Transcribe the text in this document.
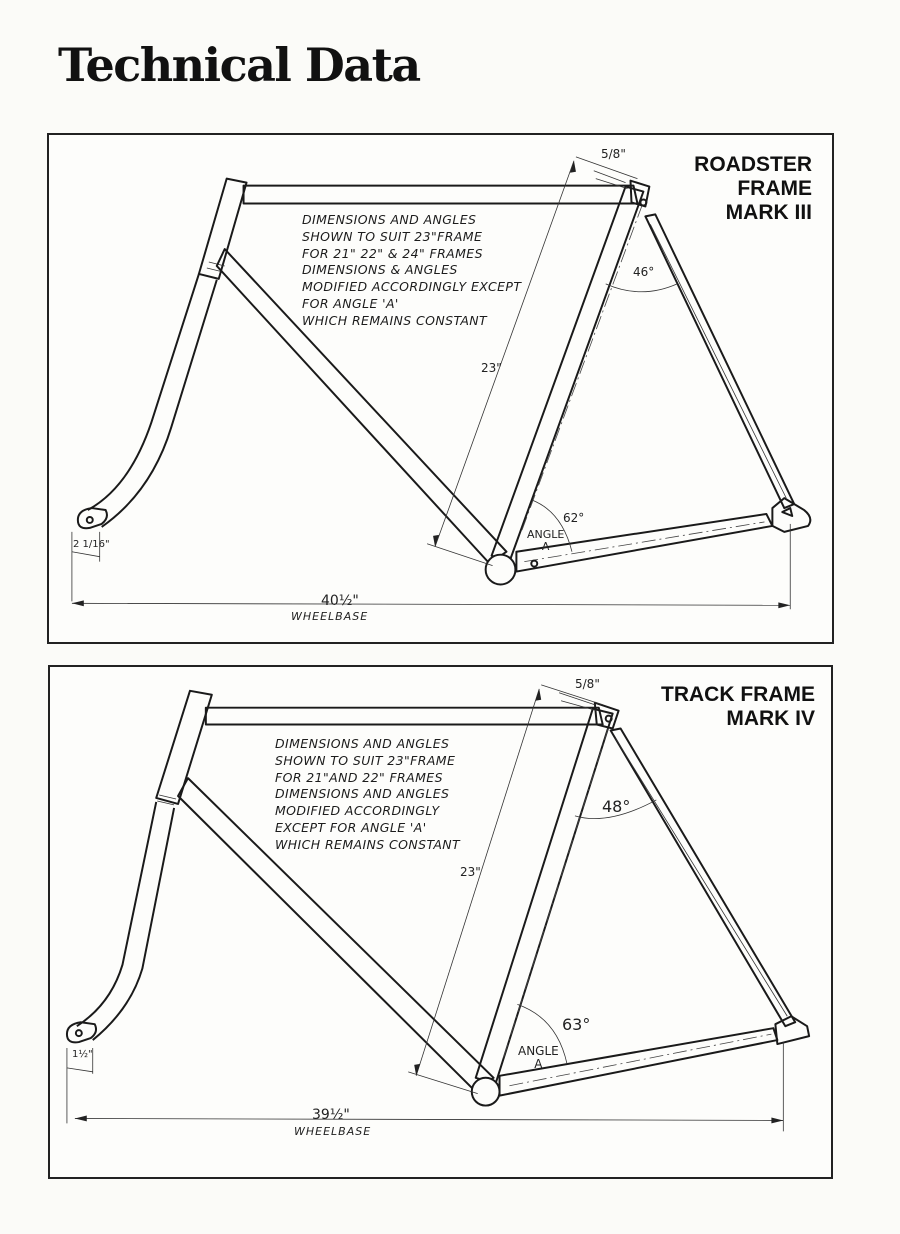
Technical Data
ROADSTER
FRAME
MARK III

DIMENSIONS AND ANGLES
SHOWN TO SUIT 23"FRAME
FOR 21" 22" & 24" FRAMES
DIMENSIONS & ANGLES
MODIFIED ACCORDINGLY EXCEPT
FOR ANGLE 'A'
WHICH REMAINS CONSTANT

23"
5/8"
46°
62°
ANGLE
A
2 1/16"
40½"
WHEELBASE
TRACK FRAME
MARK IV

DIMENSIONS AND ANGLES
SHOWN TO SUIT 23"FRAME
FOR 21"AND 22" FRAMES
DIMENSIONS AND ANGLES
MODIFIED ACCORDINGLY
EXCEPT FOR ANGLE 'A'
WHICH REMAINS CONSTANT

23"
5/8"
48°
63°
ANGLE
A
1½"
39½"
WHEELBASE
